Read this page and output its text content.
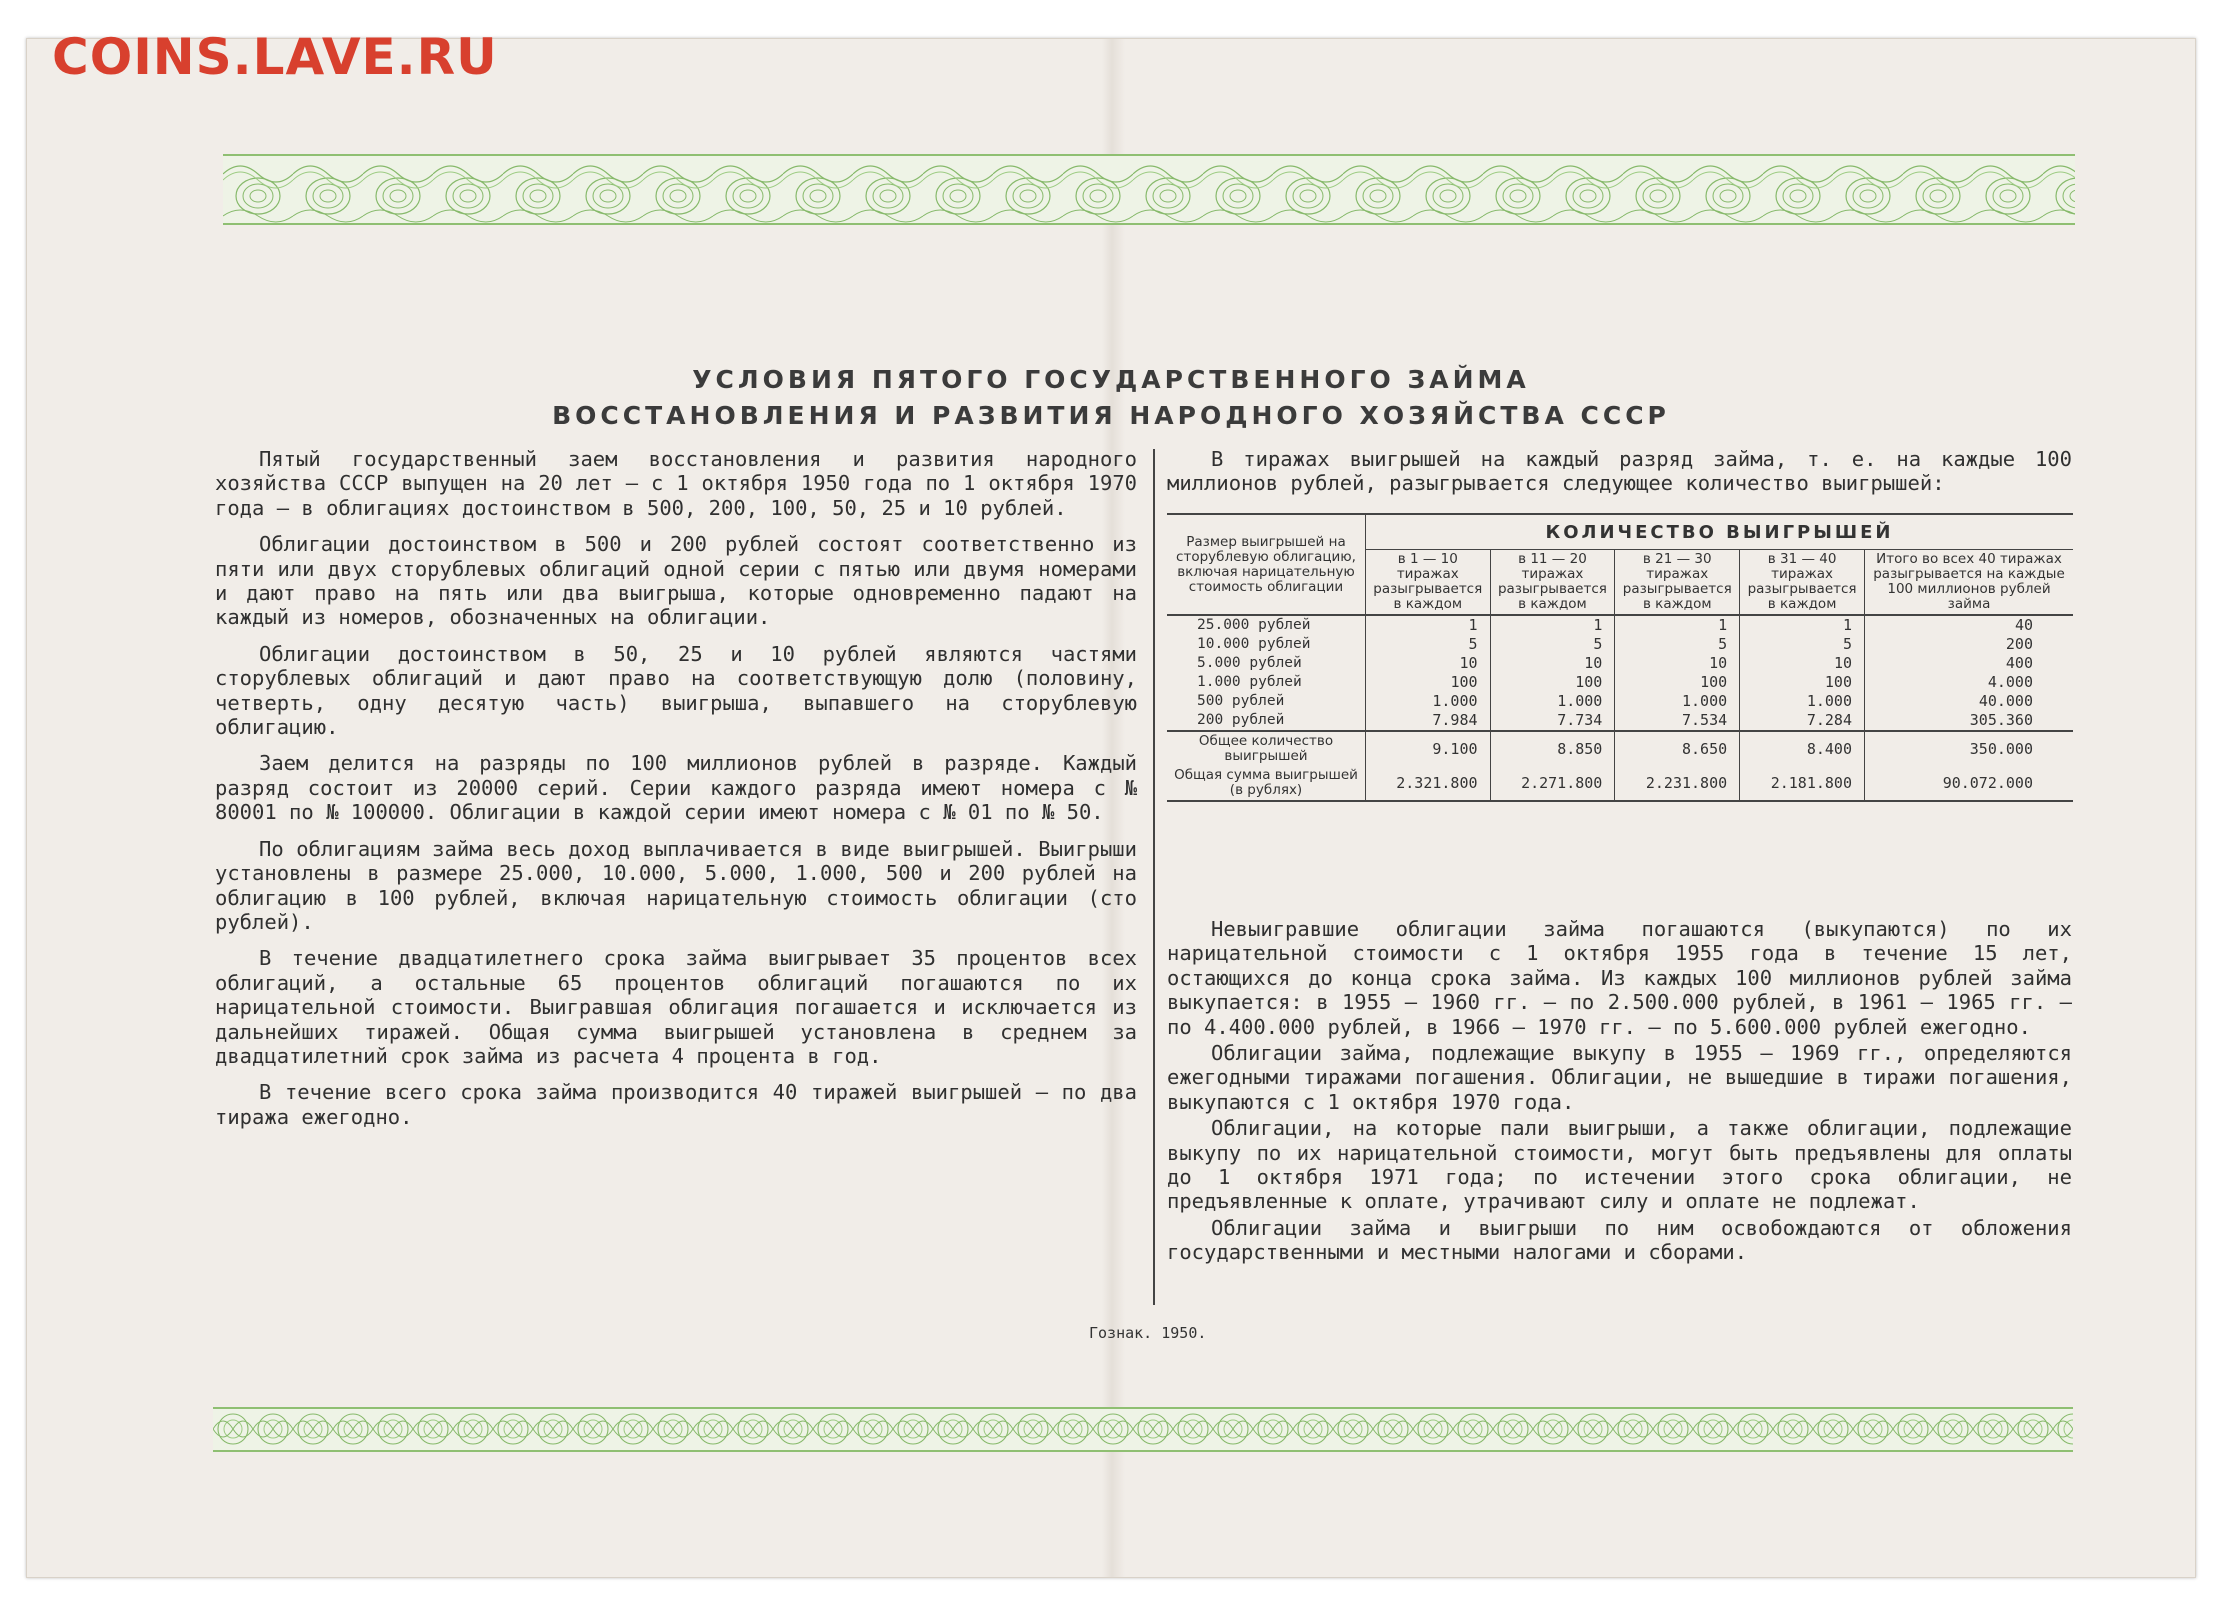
УСЛОВИЯ ПЯТОГО ГОСУДАРСТВЕННОГО ЗАЙМА
ВОССТАНОВЛЕНИЯ И РАЗВИТИЯ НАРОДНОГО ХОЗЯЙСТВА СССР

Пятый государственный заем восстановления и развития народного хозяйства СССР выпущен на 20 лет — с 1 октября 1950 года по 1 октября 1970 года — в облигациях достоинством в 500, 200, 100, 50, 25 и 10 рублей.

Облигации достоинством в 500 и 200 рублей состоят соответственно из пяти или двух сторублевых облигаций одной серии с пятью или двумя номерами и дают право на пять или два выигрыша, которые одновременно падают на каждый из номеров, обозначенных на облигации.

Облигации достоинством в 50, 25 и 10 рублей являются частями сторублевых облигаций и дают право на соответствующую долю (половину, четверть, одну десятую часть) выигрыша, выпавшего на сторублевую облигацию.

Заем делится на разряды по 100 миллионов рублей в разряде. Каждый разряд состоит из 20000 серий. Серии каждого разряда имеют номера с № 80001 по № 100000. Облигации в каждой серии имеют номера с № 01 по № 50.

По облигациям займа весь доход выплачивается в виде выигрышей. Выигрыши установлены в размере 25.000, 10.000, 5.000, 1.000, 500 и 200 рублей на облигацию в 100 рублей, включая нарицательную стоимость облигации (сто рублей).

В течение двадцатилетнего срока займа выигрывает 35 процентов всех облигаций, а остальные 65 процентов облигаций погашаются по их нарицательной стоимости. Выигравшая облигация погашается и исключается из дальнейших тиражей. Общая сумма выигрышей установлена в среднем за двадцатилетний срок займа из расчета 4 процента в год.

В течение всего срока займа производится 40 тиражей выигрышей — по два тиража ежегодно.

В тиражах выигрышей на каждый разряд займа, т. е. на каждые 100 миллионов рублей, разыгрывается следующее количество выигрышей:

Размер выигрышей на сторублевую облигацию, включая нарицательную стоимость облигации	КОЛИЧЕСТВО ВЫИГРЫШЕЙ				
	в 1 — 10 тиражах разыгрывается в каждом	в 11 — 20 тиражах разыгрывается в каждом	в 21 — 30 тиражах разыгрывается в каждом	в 31 — 40 тиражах разыгрывается в каждом	Итого во всех 40 тиражах разыгрывается на каждые 100 миллионов рублей займа
25.000 рублей	1	1	1	1	40
10.000 рублей	5	5	5	5	200
5.000 рублей	10	10	10	10	400
1.000 рублей	100	100	100	100	4.000
500 рублей	1.000	1.000	1.000	1.000	40.000
200 рублей	7.984	7.734	7.534	7.284	305.360
Общее количество выигрышей	9.100	8.850	8.650	8.400	350.000
Общая сумма выигрышей (в рублях)	2.321.800	2.271.800	2.231.800	2.181.800	90.072.000

Невыигравшие облигации займа погашаются (выкупаются) по их нарицательной стоимости с 1 октября 1955 года в течение 15 лет, остающихся до конца срока займа. Из каждых 100 миллионов рублей займа выкупается: в 1955 — 1960 гг. — по 2.500.000 рублей, в 1961 — 1965 гг. — по 4.400.000 рублей, в 1966 — 1970 гг. — по 5.600.000 рублей ежегодно.

Облигации займа, подлежащие выкупу в 1955 — 1969 гг., определяются ежегодными тиражами погашения. Облигации, не вышедшие в тиражи погашения, выкупаются с 1 октября 1970 года.

Облигации, на которые пали выигрыши, а также облигации, подлежащие выкупу по их нарицательной стоимости, могут быть предъявлены для оплаты до 1 октября 1971 года; по истечении этого срока облигации, не предъявленные к оплате, утрачивают силу и оплате не подлежат.

Облигации займа и выигрыши по ним освобождаются от обложения государственными и местными налогами и сборами.

Гознак. 1950.
COINS.LAVE.RU
